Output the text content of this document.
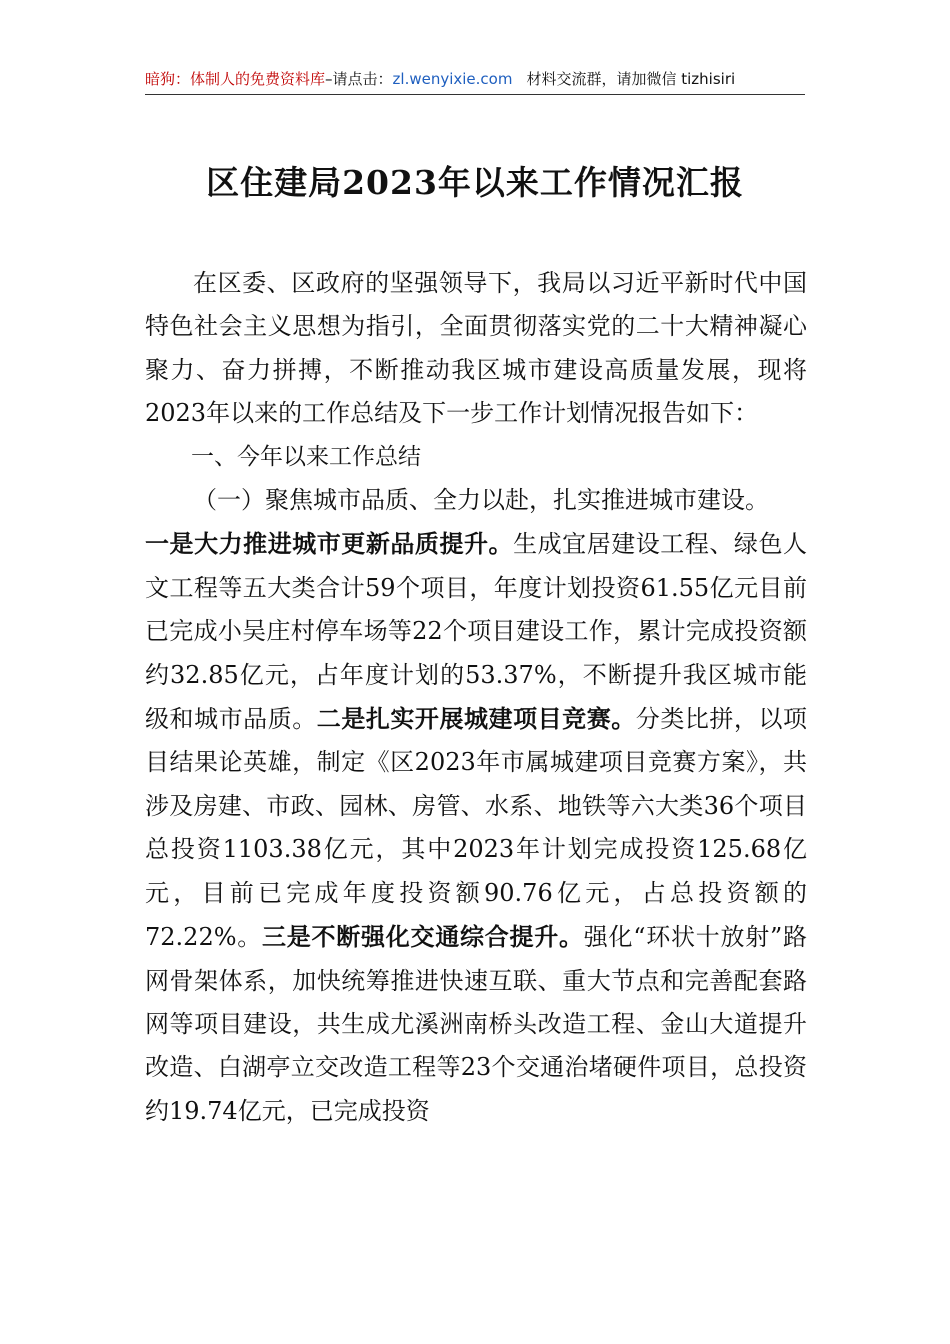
暗狗：体制人的免费资料库–请点击：zl.wenyixie.com 材料交流群，请加微信 tizhisiri
区住建局2023年以来工作情况汇报

在区委、区政府的坚强领导下，我局以习近平新时代中国特色社会主义思想为指引，全面贯彻落实党的二十大精神凝心聚力、奋力拼搏，不断推动我区城市建设高质量发展，现将2023年以来的工作总结及下一步工作计划情况报告如下：

一、今年以来工作总结

（一）聚焦城市品质、全力以赴，扎实推进城市建设。

一是大力推进城市更新品质提升。生成宜居建设工程、绿色人文工程等五大类合计59个项目，年度计划投资61.55亿元目前已完成小吴庄村停车场等22个项目建设工作，累计完成投资额约32.85亿元，占年度计划的53.37%，不断提升我区城市能级和城市品质。二是扎实开展城建项目竞赛。分类比拼，以项目结果论英雄，制定《区2023年市属城建项目竞赛方案》，共涉及房建、市政、园林、房管、水系、地铁等六大类36个项目总投资1103.38亿元，其中2023年计划完成投资125.68亿元，目前已完成年度投资额90.76亿元，占总投资额的72.22%。三是不断强化交通综合提升。强化“环状十放射”路网骨架体系，加快统筹推进快速互联、重大节点和完善配套路网等项目建设，共生成尤溪洲南桥头改造工程、金山大道提升改造、白湖亭立交改造工程等23个交通治堵硬件项目，总投资约19.74亿元，已完成投资
